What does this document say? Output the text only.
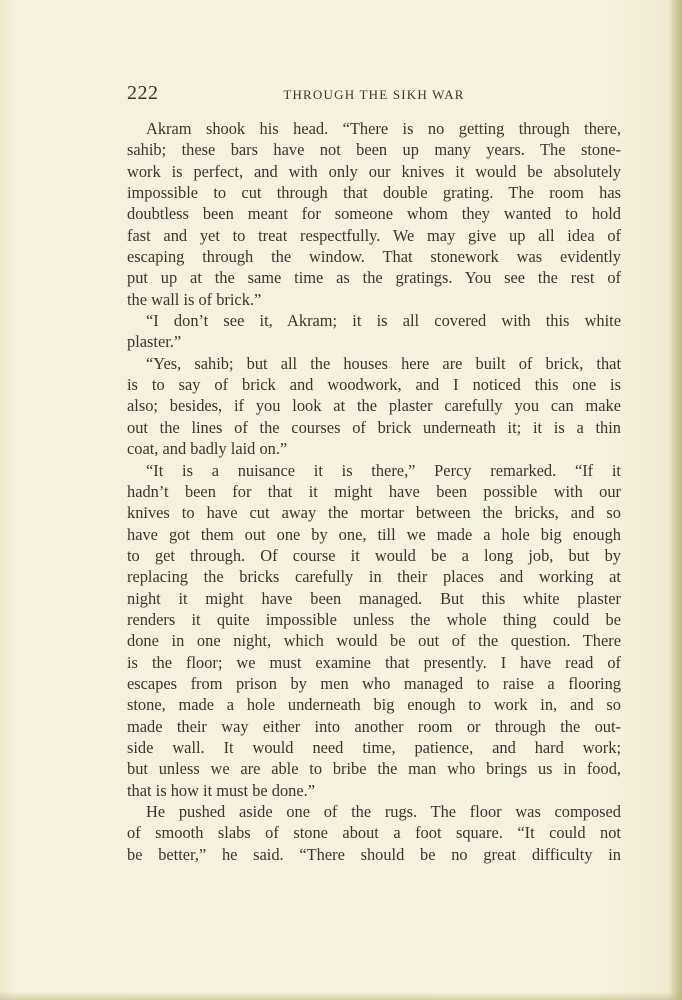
222	THROUGH THE SIKH WAR
Akram shook his head. “There is no getting through there,
sahib; these bars have not been up many years. The stone-
work is perfect, and with only our knives it would be absolutely
impossible to cut through that double grating. The room has
doubtless been meant for someone whom they wanted to hold
fast and yet to treat respectfully. We may give up all idea of
escaping through the window. That stonework was evidently
put up at the same time as the gratings. You see the rest of
the wall is of brick.”
“I don’t see it, Akram; it is all covered with this white
plaster.”
“Yes, sahib; but all the houses here are built of brick, that
is to say of brick and woodwork, and I noticed this one is
also; besides, if you look at the plaster carefully you can make
out the lines of the courses of brick underneath it; it is a thin
coat, and badly laid on.”
“It is a nuisance it is there,” Percy remarked. “If it
hadn’t been for that it might have been possible with our
knives to have cut away the mortar between the bricks, and so
have got them out one by one, till we made a hole big enough
to get through. Of course it would be a long job, but by
replacing the bricks carefully in their places and working at
night it might have been managed. But this white plaster
renders it quite impossible unless the whole thing could be
done in one night, which would be out of the question. There
is the floor; we must examine that presently. I have read of
escapes from prison by men who managed to raise a flooring
stone, made a hole underneath big enough to work in, and so
made their way either into another room or through the out-
side wall. It would need time, patience, and hard work;
but unless we are able to bribe the man who brings us in food,
that is how it must be done.”
He pushed aside one of the rugs. The floor was composed
of smooth slabs of stone about a foot square. “It could not
be better,” he said. “There should be no great difficulty in
